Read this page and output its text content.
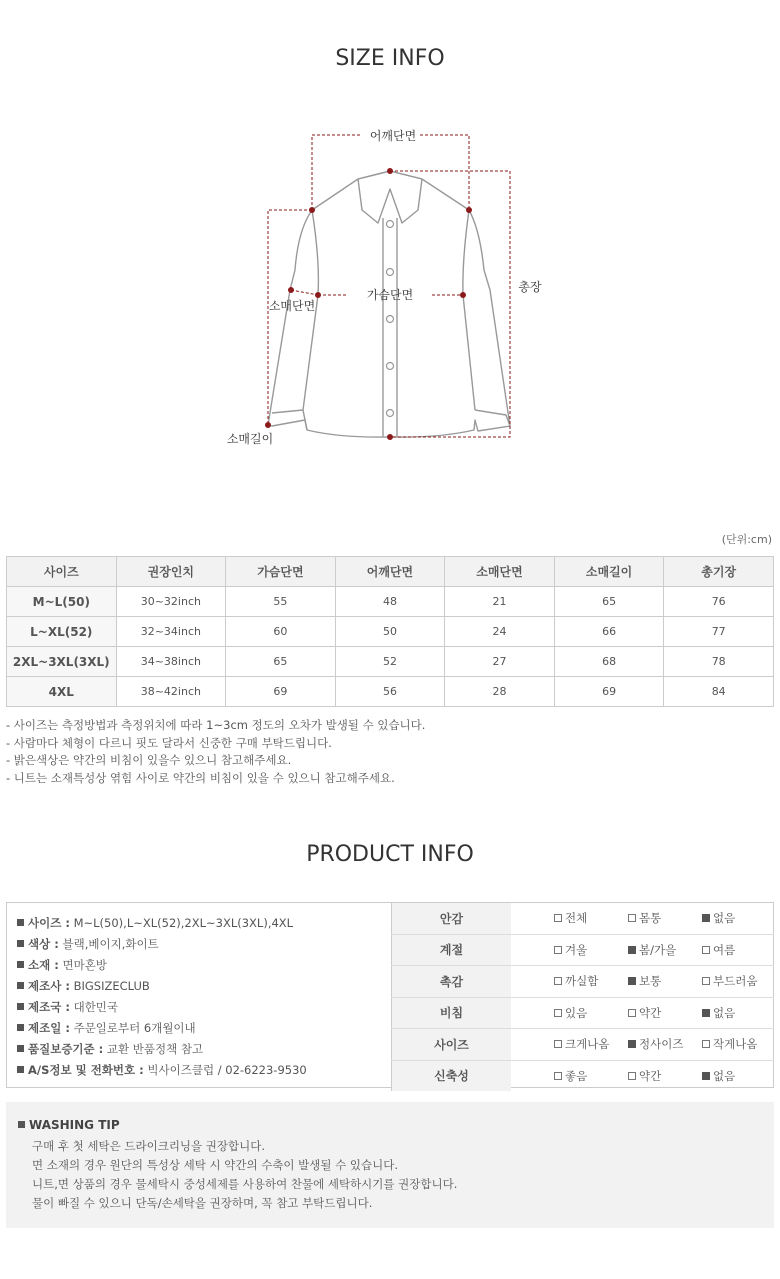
SIZE INFO
어깨단면
가슴단면
소매단면
소매길이
총장
(단위:cm)
사이즈	권장인치	가슴단면	어깨단면	소매단면	소매길이	총기장
M~L(50)	30~32inch	55	48	21	65	76
L~XL(52)	32~34inch	60	50	24	66	77
2XL~3XL(3XL)	34~38inch	65	52	27	68	78
4XL	38~42inch	69	56	28	69	84
- 사이즈는 측정방법과 측정위치에 따라 1~3cm 정도의 오차가 발생될 수 있습니다.
- 사람마다 체형이 다르니 핏도 달라서 신중한 구매 부탁드립니다.
- 밝은색상은 약간의 비침이 있을수 있으니 참고해주세요.
- 니트는 소재특성상 엮힘 사이로 약간의 비침이 있을 수 있으니 참고해주세요.
PRODUCT INFO
사이즈 : M~L(50),L~XL(52),2XL~3XL(3XL),4XL
색상 : 블랙,베이지,화이트
소재 : 면마혼방
제조사 : BIGSIZECLUB
제조국 : 대한민국
제조일 : 주문일로부터 6개월이내
품질보증기준 : 교환 반품정책 참고
A/S정보 및 전화번호 : 빅사이즈클럽 / 02-6223-9530
안감	전체	몸통	없음
계절	겨울	봄/가을	여름
촉감	까실함	보통	부드러움
비침	있음	약간	없음
사이즈	크게나옴	정사이즈	작게나옴
신축성	좋음	약간	없음
WASHING TIP
구매 후 첫 세탁은 드라이크리닝을 권장합니다.
면 소재의 경우 원단의 특성상 세탁 시 약간의 수축이 발생될 수 있습니다.
니트,면 상품의 경우 물세탁시 중성세제를 사용하여 찬물에 세탁하시기를 권장합니다.
물이 빠질 수 있으니 단독/손세탁을 권장하며, 꼭 참고 부탁드립니다.
